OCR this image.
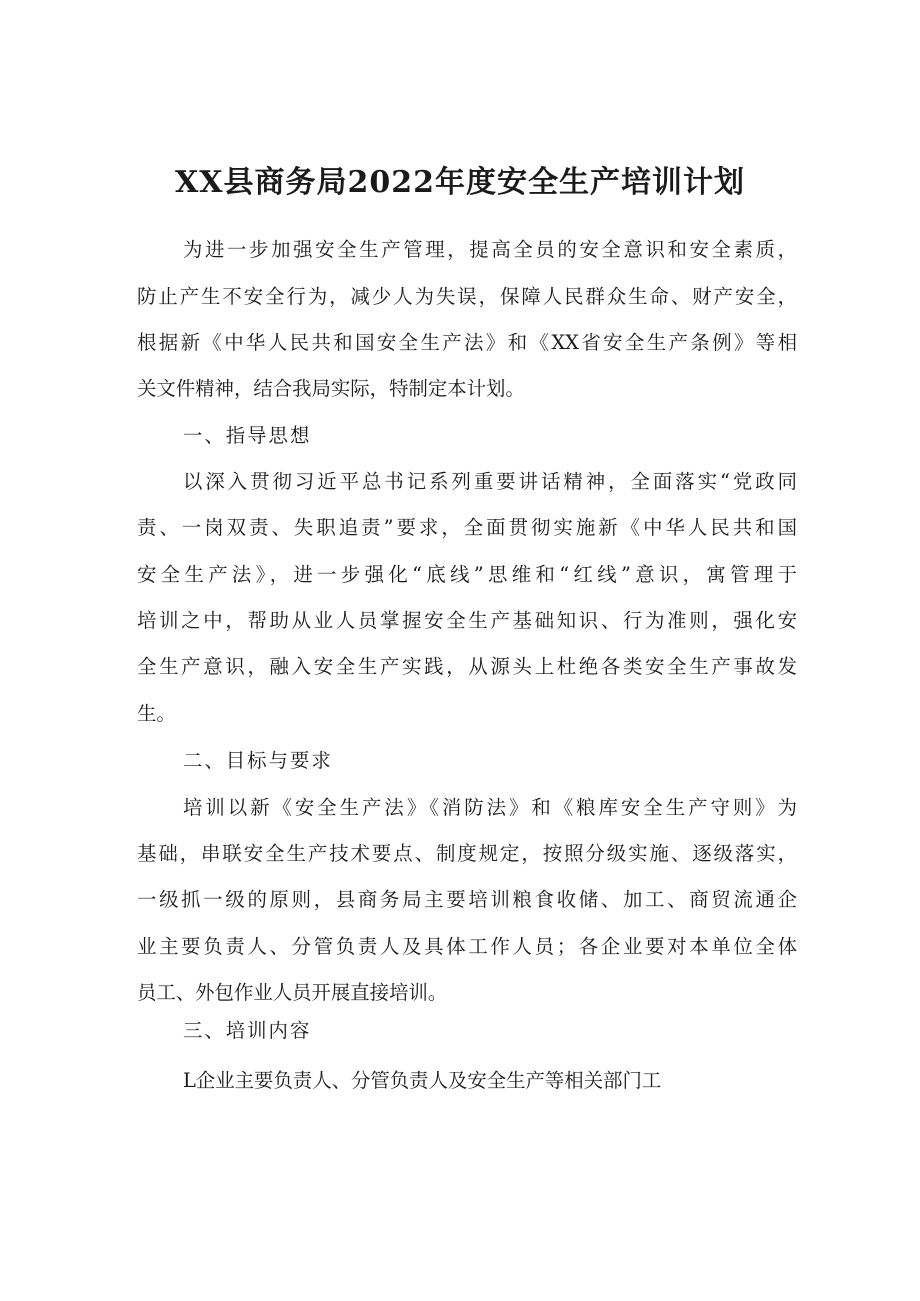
XX县商务局2022年度安全生产培训计划

为进一步加强安全生产管理，提高全员的安全意识和安全素质，

防止产生不安全行为，减少人为失误，保障人民群众生命、财产安全，

根据新《中华人民共和国安全生产法》和《XX省安全生产条例》等相

关文件精神，结合我局实际，特制定本计划。

一、指导思想

以深入贯彻习近平总书记系列重要讲话精神，全面落实“党政同

责、一岗双责、失职追责”要求，全面贯彻实施新《中华人民共和国

安全生产法》，进一步强化“底线”思维和“红线”意识，寓管理于

培训之中，帮助从业人员掌握安全生产基础知识、行为准则，强化安

全生产意识，融入安全生产实践，从源头上杜绝各类安全生产事故发

生。

二、目标与要求

培训以新《安全生产法》《消防法》和《粮库安全生产守则》为

基础，串联安全生产技术要点、制度规定，按照分级实施、逐级落实，

一级抓一级的原则，县商务局主要培训粮食收储、加工、商贸流通企

业主要负责人、分管负责人及具体工作人员；各企业要对本单位全体

员工、外包作业人员开展直接培训。

三、培训内容

L企业主要负责人、分管负责人及安全生产等相关部门工
